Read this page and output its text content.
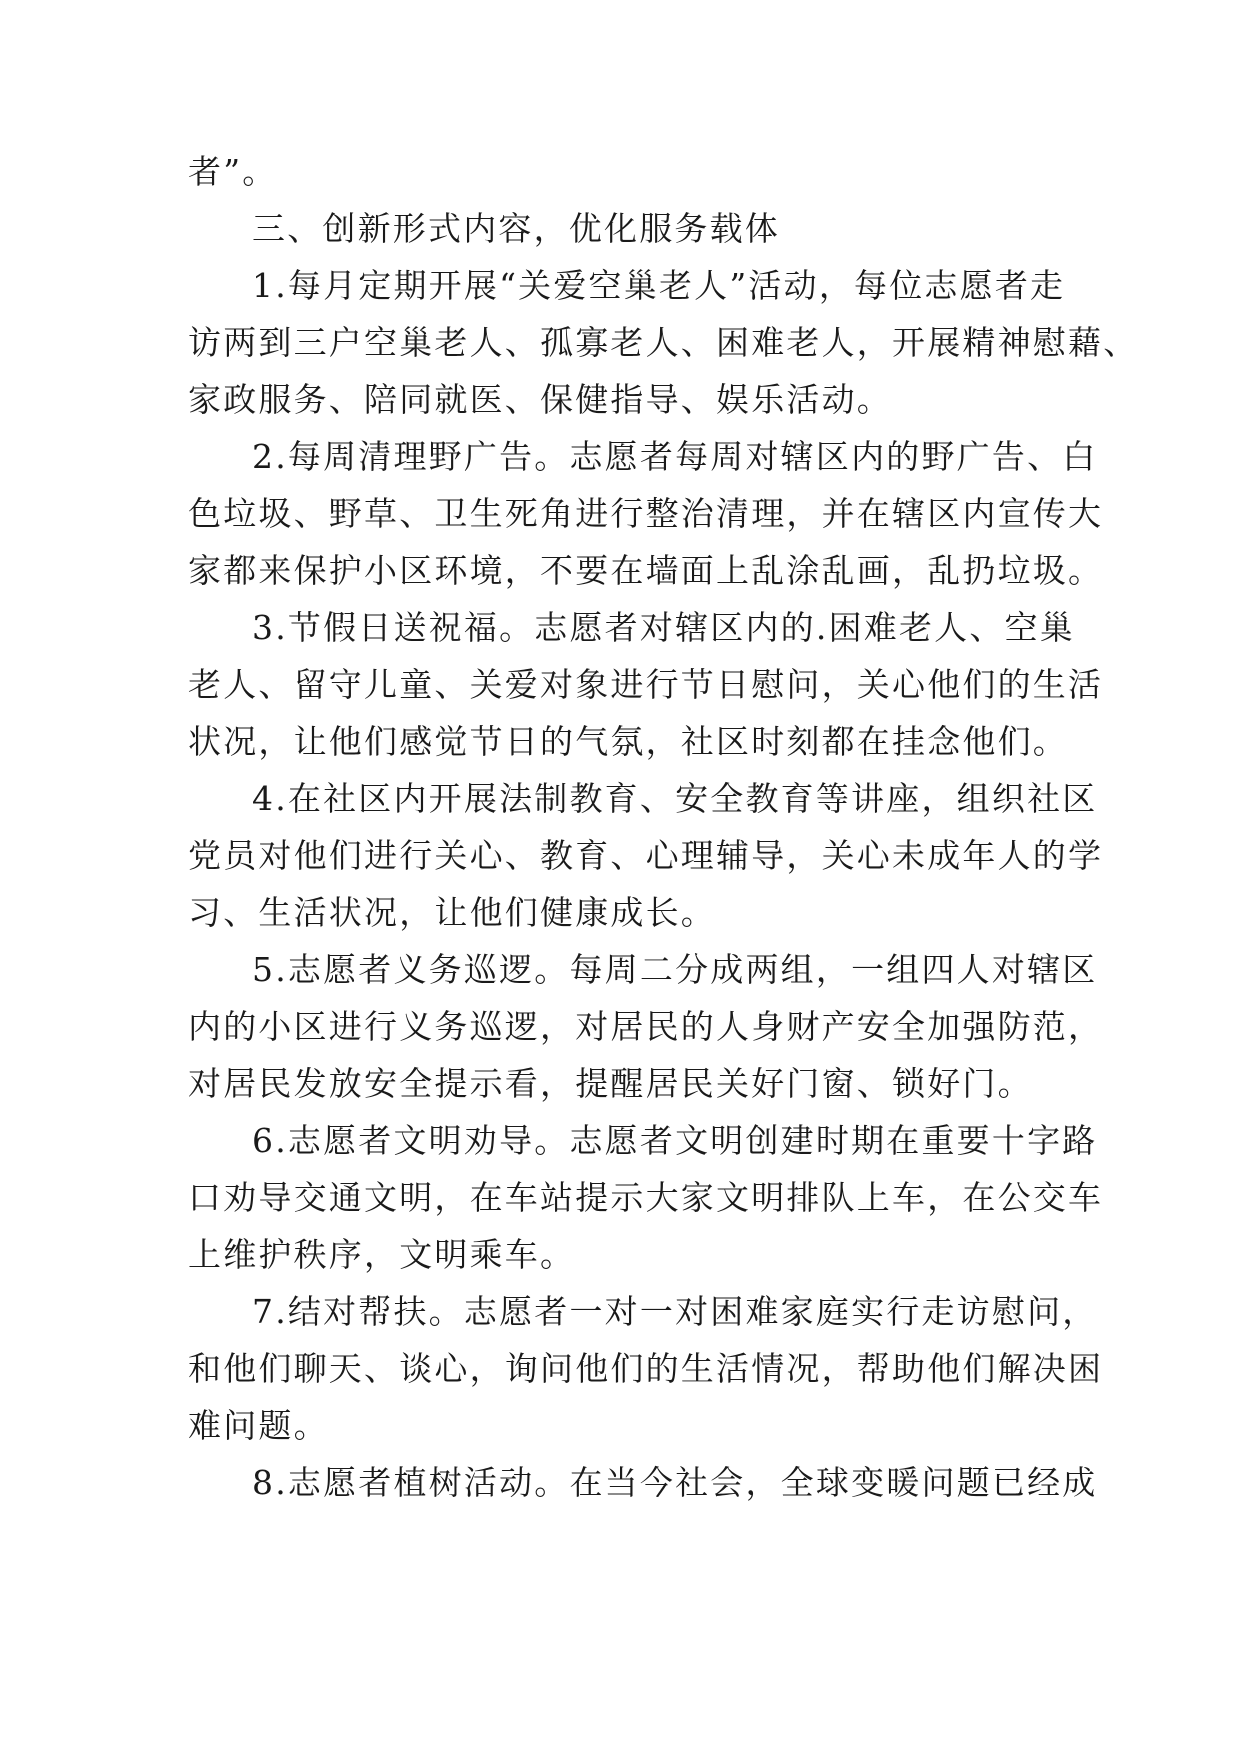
者”。

三、创新形式内容，优化服务载体

1.每月定期开展“关爱空巢老人”活动，每位志愿者走

访两到三户空巢老人、孤寡老人、困难老人，开展精神慰藉、

家政服务、陪同就医、保健指导、娱乐活动。

2.每周清理野广告。志愿者每周对辖区内的野广告、白

色垃圾、野草、卫生死角进行整治清理，并在辖区内宣传大

家都来保护小区环境，不要在墙面上乱涂乱画，乱扔垃圾。

3.节假日送祝福。志愿者对辖区内的.困难老人、空巢

老人、留守儿童、关爱对象进行节日慰问，关心他们的生活

状况，让他们感觉节日的气氛，社区时刻都在挂念他们。

4.在社区内开展法制教育、安全教育等讲座，组织社区

党员对他们进行关心、教育、心理辅导，关心未成年人的学

习、生活状况，让他们健康成长。

5.志愿者义务巡逻。每周二分成两组，一组四人对辖区

内的小区进行义务巡逻，对居民的人身财产安全加强防范，

对居民发放安全提示看，提醒居民关好门窗、锁好门。

6.志愿者文明劝导。志愿者文明创建时期在重要十字路

口劝导交通文明，在车站提示大家文明排队上车，在公交车

上维护秩序，文明乘车。

7.结对帮扶。志愿者一对一对困难家庭实行走访慰问，

和他们聊天、谈心，询问他们的生活情况，帮助他们解决困

难问题。

8.志愿者植树活动。在当今社会，全球变暖问题已经成
